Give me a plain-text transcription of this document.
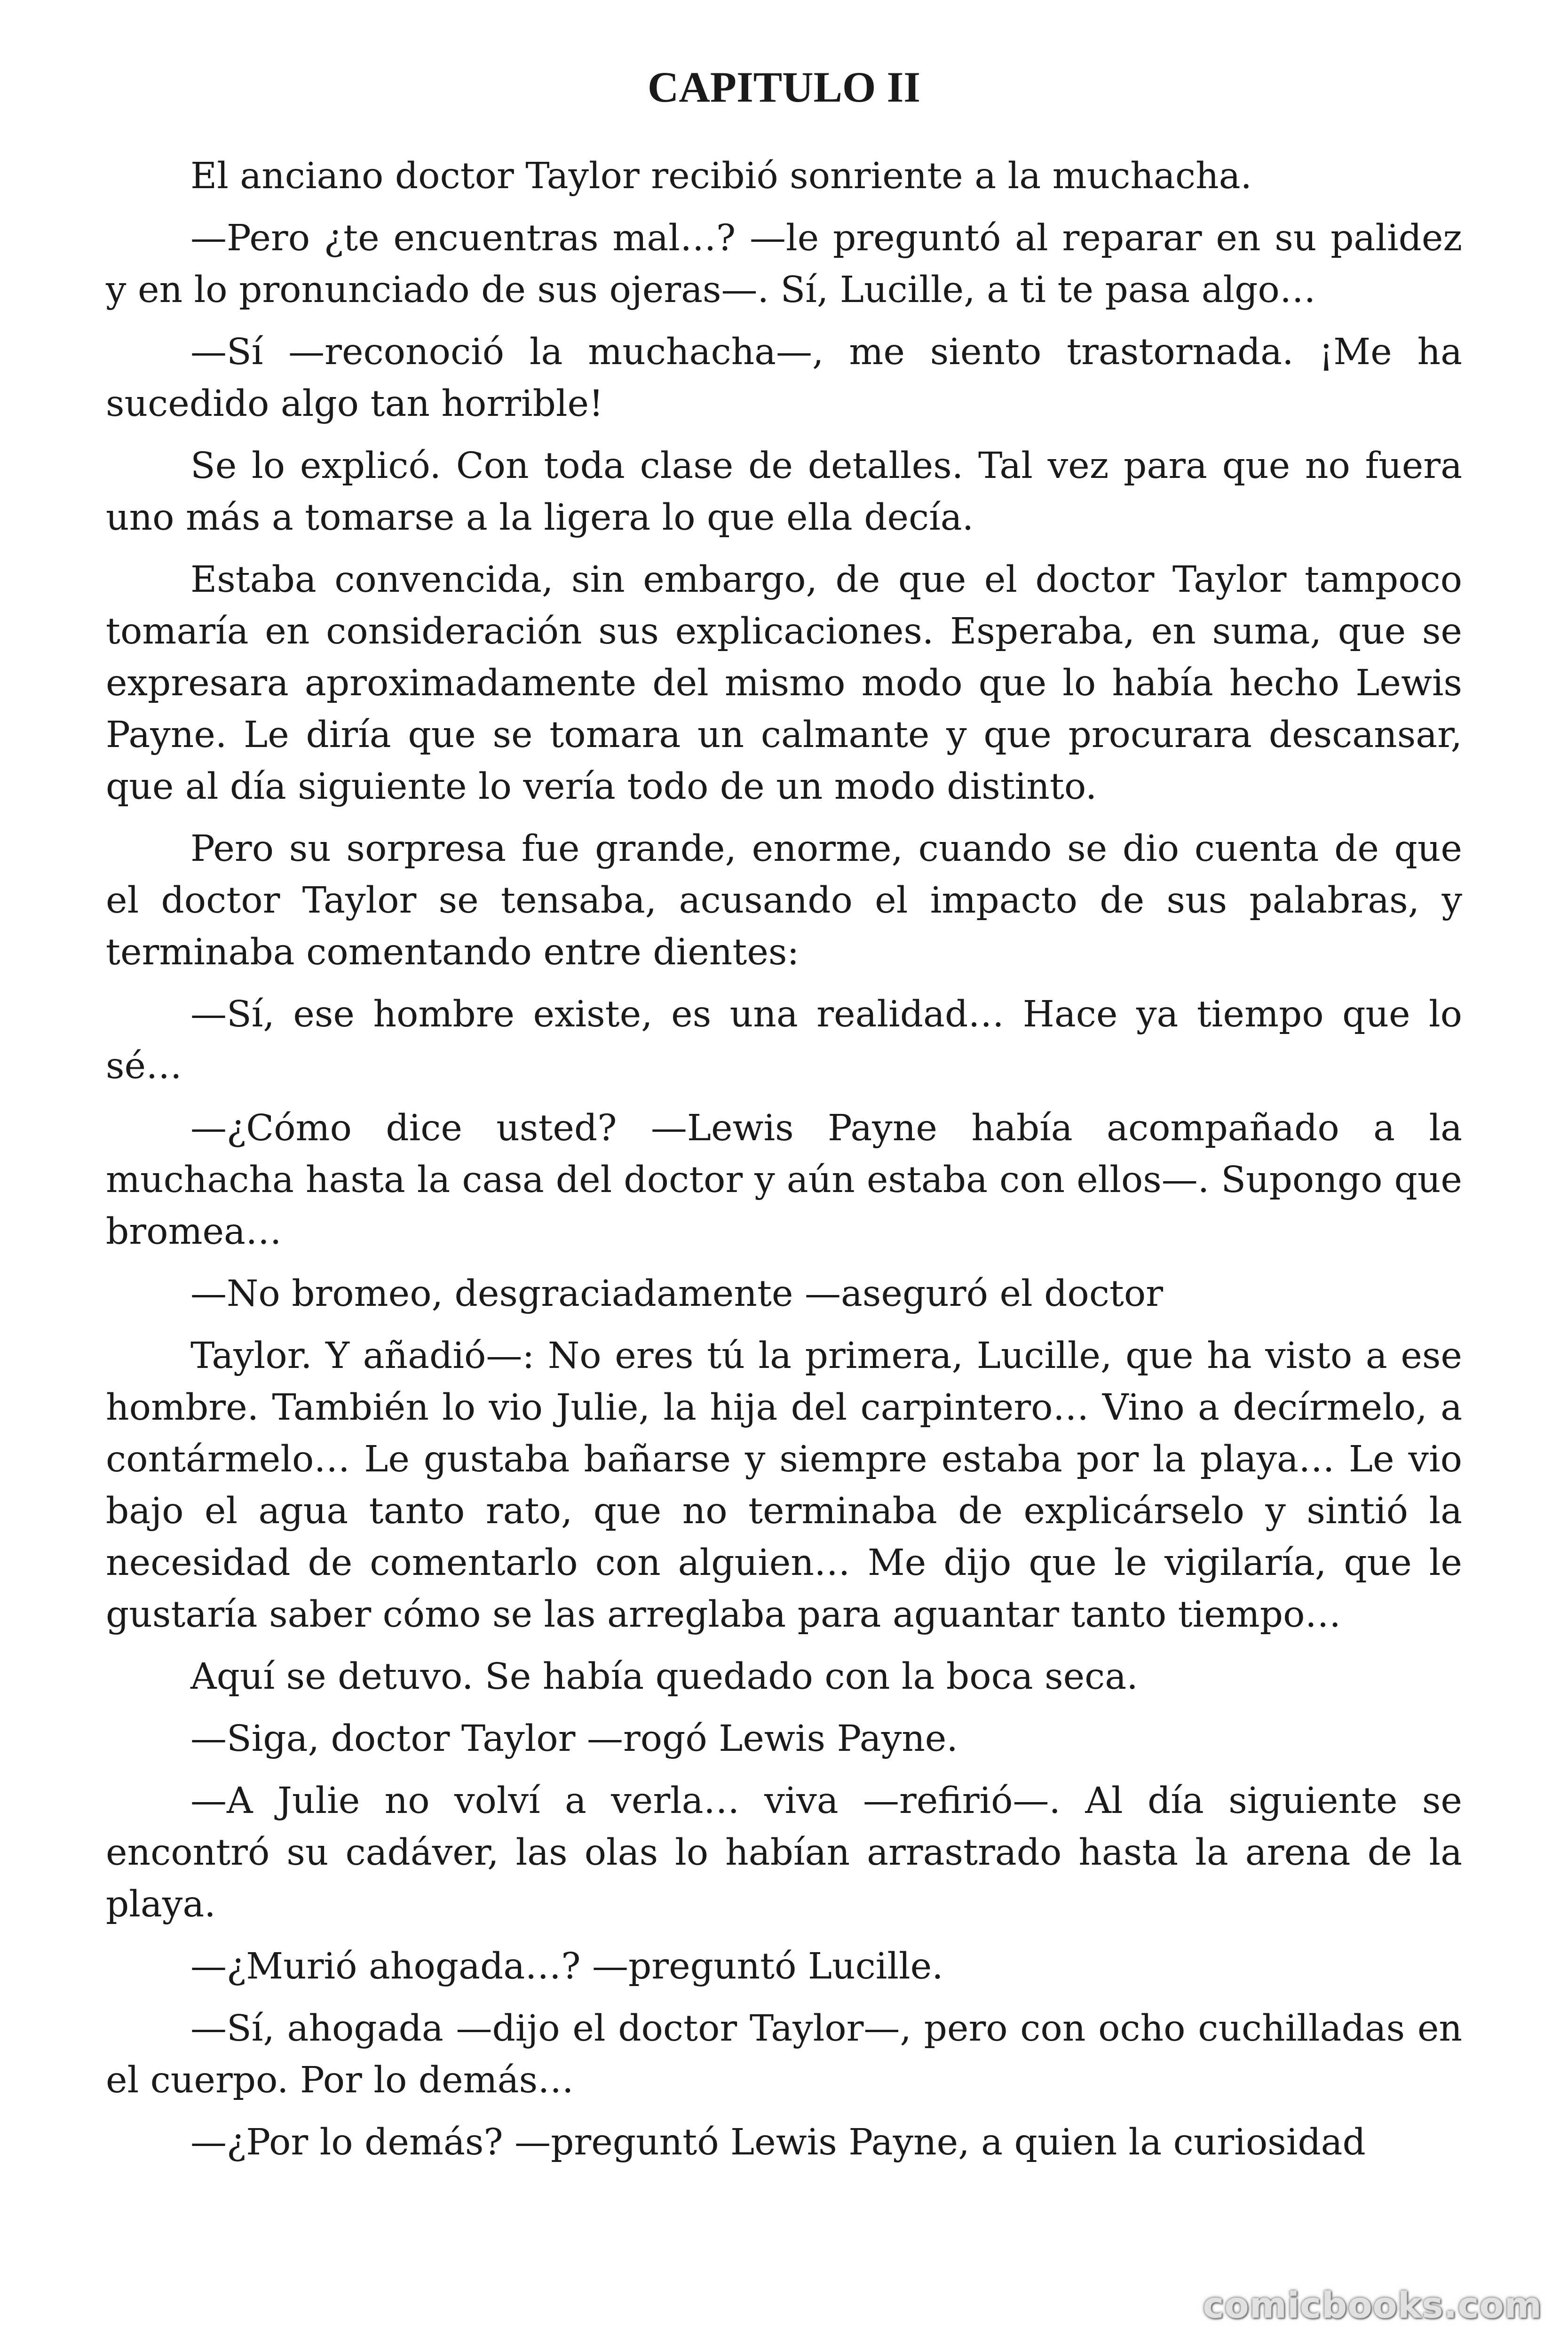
CAPITULO II

El anciano doctor Taylor recibió sonriente a la muchacha.

—Pero ¿te encuentras mal…? —le preguntó al reparar en su palidez y en lo pronunciado de sus ojeras—. Sí, Lucille, a ti te pasa algo…

—Sí —reconoció la muchacha—, me siento trastornada. ¡Me ha sucedido algo tan horrible!

Se lo explicó. Con toda clase de detalles. Tal vez para que no fuera uno más a tomarse a la ligera lo que ella decía.

Estaba convencida, sin embargo, de que el doctor Taylor tampoco tomaría en consideración sus explicaciones. Esperaba, en suma, que se expresara aproximadamente del mismo modo que lo había hecho Lewis Payne. Le diría que se tomara un calmante y que procurara descansar, que al día siguiente lo vería todo de un modo distinto.

Pero su sorpresa fue grande, enorme, cuando se dio cuenta de que el doctor Taylor se tensaba, acusando el impacto de sus palabras, y terminaba comentando entre dientes:

—Sí, ese hombre existe, es una realidad… Hace ya tiempo que lo sé…

—¿Cómo dice usted? —Lewis Payne había acompañado a la muchacha hasta la casa del doctor y aún estaba con ellos—. Supongo que bromea…

—No bromeo, desgraciadamente —aseguró el doctor

Taylor. Y añadió—: No eres tú la primera, Lucille, que ha visto a ese hombre. También lo vio Julie, la hija del carpintero… Vino a decírmelo, a contármelo… Le gustaba bañarse y siempre estaba por la playa… Le vio bajo el agua tanto rato, que no terminaba de explicárselo y sintió la necesidad de comentarlo con alguien… Me dijo que le vigilaría, que le gustaría saber cómo se las arreglaba para aguantar tanto tiempo…

Aquí se detuvo. Se había quedado con la boca seca.

—Siga, doctor Taylor —rogó Lewis Payne.

—A Julie no volví a verla… viva —refirió—. Al día siguiente se encontró su cadáver, las olas lo habían arrastrado hasta la arena de la playa.

—¿Murió ahogada…? —preguntó Lucille.

—Sí, ahogada —dijo el doctor Taylor—, pero con ocho cuchilladas en el cuerpo. Por lo demás…

—¿Por lo demás? —preguntó Lewis Payne, a quien la curiosidad

comicbooks.com
